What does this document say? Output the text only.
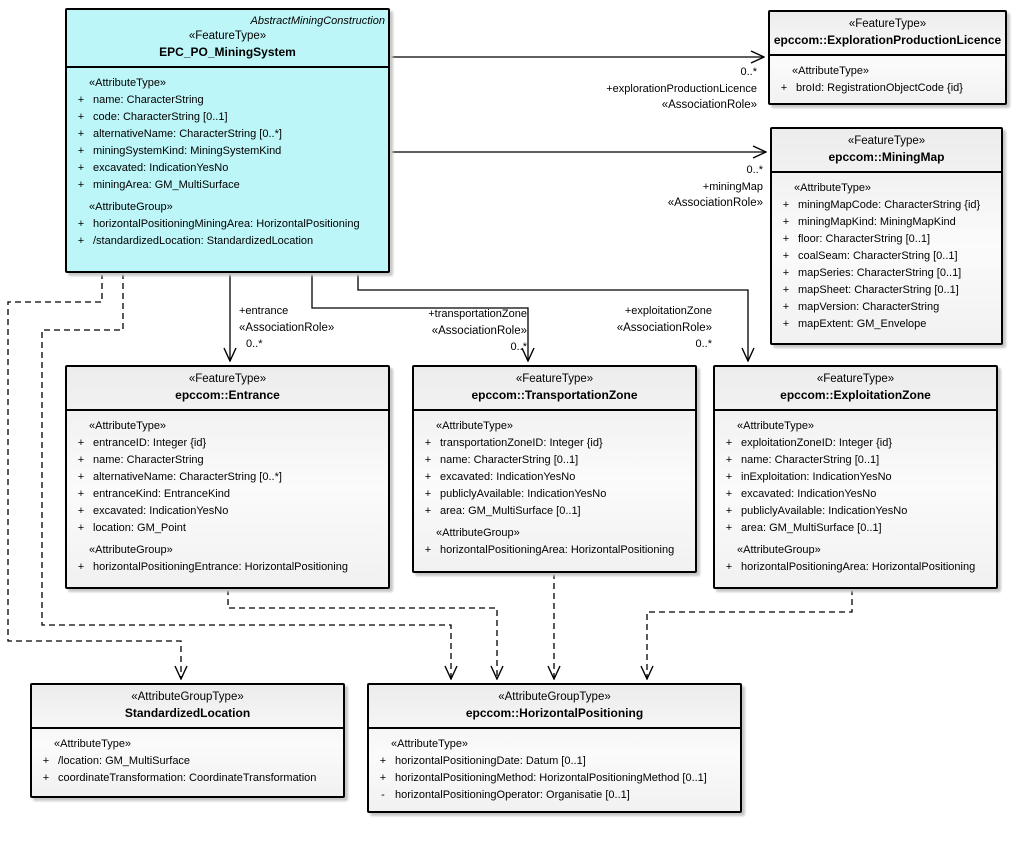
AbstractMiningConstruction
«FeatureType»
EPC_PO_MiningSystem
«AttributeType»
+ name: CharacterString
+ code: CharacterString [0..1]
+ alternativeName: CharacterString [0..*]
+ miningSystemKind: MiningSystemKind
+ excavated: IndicationYesNo
+ miningArea: GM_MultiSurface
«AttributeGroup»
+ horizontalPositioningMiningArea: HorizontalPositioning
+ /standardizedLocation: StandardizedLocation
«FeatureType»
epccom::ExplorationProductionLicence
«AttributeType»
+ broId: RegistrationObjectCode {id}
«FeatureType»
epccom::MiningMap
«AttributeType»
+ miningMapCode: CharacterString {id}
+ miningMapKind: MiningMapKind
+ floor: CharacterString [0..1]
+ coalSeam: CharacterString [0..1]
+ mapSeries: CharacterString [0..1]
+ mapSheet: CharacterString [0..1]
+ mapVersion: CharacterString
+ mapExtent: GM_Envelope
«FeatureType»
epccom::Entrance
«AttributeType»
+ entranceID: Integer {id}
+ name: CharacterString
+ alternativeName: CharacterString [0..*]
+ entranceKind: EntranceKind
+ excavated: IndicationYesNo
+ location: GM_Point
«AttributeGroup»
+ horizontalPositioningEntrance: HorizontalPositioning
«FeatureType»
epccom::TransportationZone
«AttributeType»
+ transportationZoneID: Integer {id}
+ name: CharacterString [0..1]
+ excavated: IndicationYesNo
+ publiclyAvailable: IndicationYesNo
+ area: GM_MultiSurface [0..1]
«AttributeGroup»
+ horizontalPositioningArea: HorizontalPositioning
«FeatureType»
epccom::ExploitationZone
«AttributeType»
+ exploitationZoneID: Integer {id}
+ name: CharacterString [0..1]
+ inExploitation: IndicationYesNo
+ excavated: IndicationYesNo
+ publiclyAvailable: IndicationYesNo
+ area: GM_MultiSurface [0..1]
«AttributeGroup»
+ horizontalPositioningArea: HorizontalPositioning
«AttributeGroupType»
StandardizedLocation
«AttributeType»
+ /location: GM_MultiSurface
+ coordinateTransformation: CoordinateTransformation
«AttributeGroupType»
epccom::HorizontalPositioning
«AttributeType»
+ horizontalPositioningDate: Datum [0..1]
+ horizontalPositioningMethod: HorizontalPositioningMethod [0..1]
- horizontalPositioningOperator: Organisatie [0..1]
0..*
+explorationProductionLicence
«AssociationRole»
0..*
+miningMap
«AssociationRole»
+entrance
«AssociationRole»
0..*
+transportationZone
«AssociationRole»
0..*
+exploitationZone
«AssociationRole»
0..*
